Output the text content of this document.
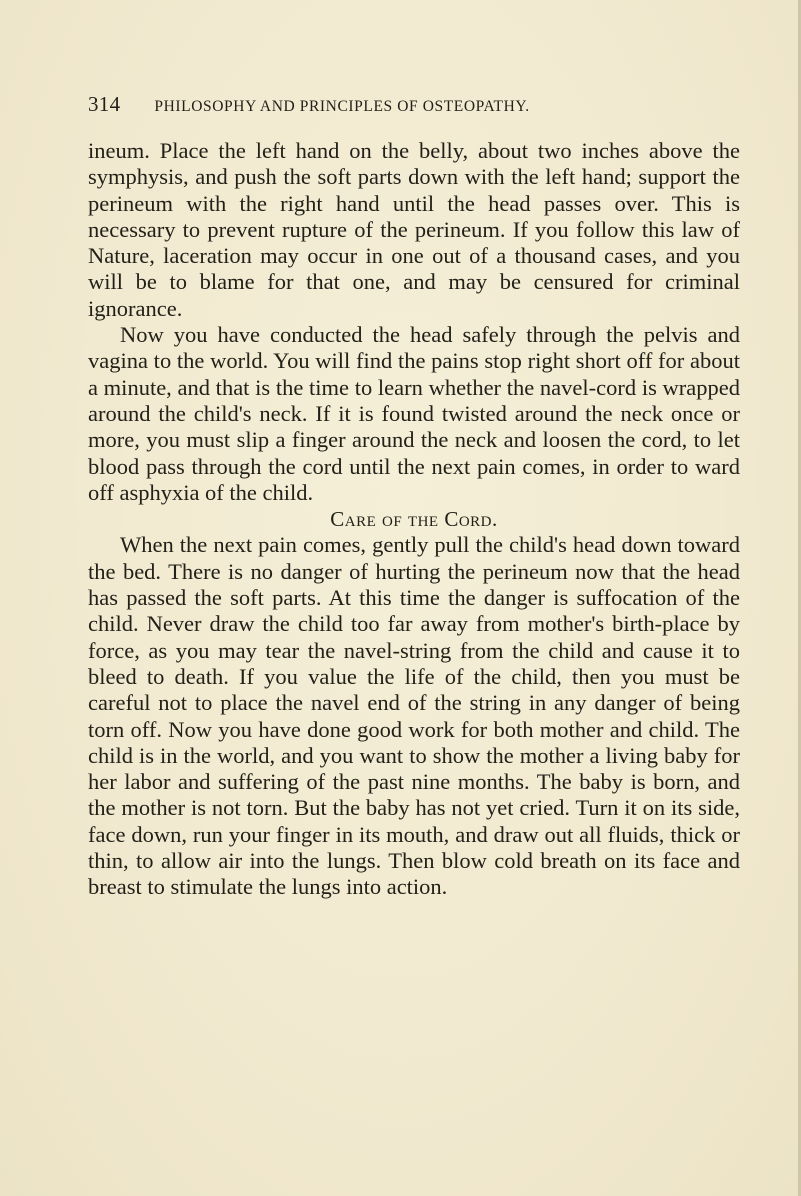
314 PHILOSOPHY AND PRINCIPLES OF OSTEOPATHY.

ineum. Place the left hand on the belly, about two inches above the symphysis, and push the soft parts down with the left hand; support the perineum with the right hand until the head passes over. This is necessary to prevent rupture of the perineum. If you follow this law of Nature, laceration may occur in one out of a thousand cases, and you will be to blame for that one, and may be censured for criminal ignorance.

Now you have conducted the head safely through the pelvis and vagina to the world. You will find the pains stop right short off for about a minute, and that is the time to learn whether the navel-cord is wrapped around the child's neck. If it is found twisted around the neck once or more, you must slip a finger around the neck and loosen the cord, to let blood pass through the cord until the next pain comes, in order to ward off asphyxia of the child.

Care of the Cord.

When the next pain comes, gently pull the child's head down toward the bed. There is no danger of hurting the perineum now that the head has passed the soft parts. At this time the danger is suffocation of the child. Never draw the child too far away from mother's birth-place by force, as you may tear the navel-string from the child and cause it to bleed to death. If you value the life of the child, then you must be careful not to place the navel end of the string in any danger of being torn off. Now you have done good work for both mother and child. The child is in the world, and you want to show the mother a living baby for her labor and suffering of the past nine months. The baby is born, and the mother is not torn. But the baby has not yet cried. Turn it on its side, face down, run your finger in its mouth, and draw out all fluids, thick or thin, to allow air into the lungs. Then blow cold breath on its face and breast to stimulate the lungs into action.
